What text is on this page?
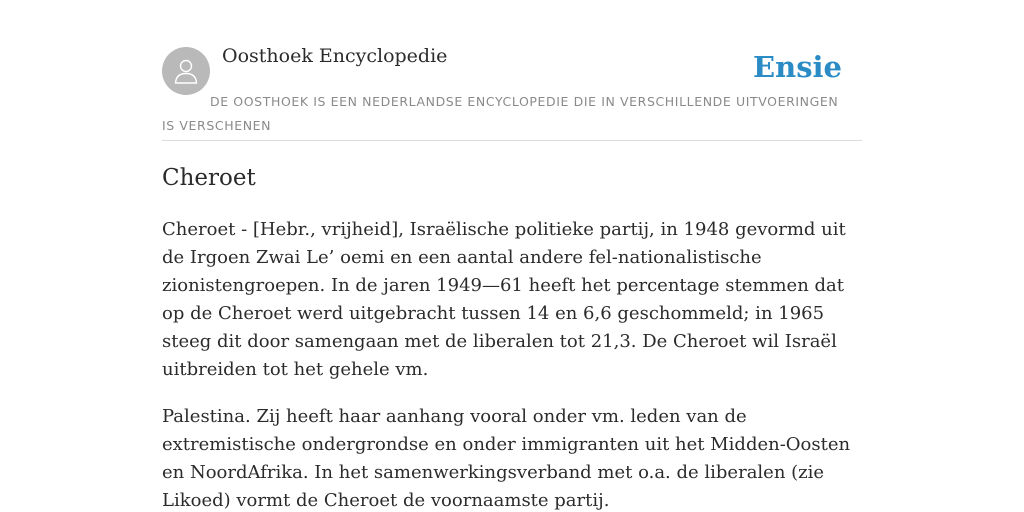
Oosthoek Encyclopedie	Ensie
DE OOSTHOEK IS EEN NEDERLANDSE ENCYCLOPEDIE DIE IN VERSCHILLENDE UITVOERINGEN IS VERSCHENEN
Cheroet

Cheroet - [Hebr., vrijheid], Israëlische politieke partij, in 1948 gevormd uit de Irgoen Zwai Le’ oemi en een aantal andere fel-nationalistische zionistengroepen. In de jaren 1949—61 heeft het percentage stemmen dat op de Cheroet werd uitgebracht tussen 14 en 6,6 geschommeld; in 1965 steeg dit door samengaan met de liberalen tot 21,3. De Cheroet wil Israël uitbreiden tot het gehele vm.

Palestina. Zij heeft haar aanhang vooral onder vm. leden van de extremistische ondergrondse en onder immigranten uit het Midden-Oosten en NoordAfrika. In het samenwerkingsverband met o.a. de liberalen (zie Likoed) vormt de Cheroet de voornaamste partij.
